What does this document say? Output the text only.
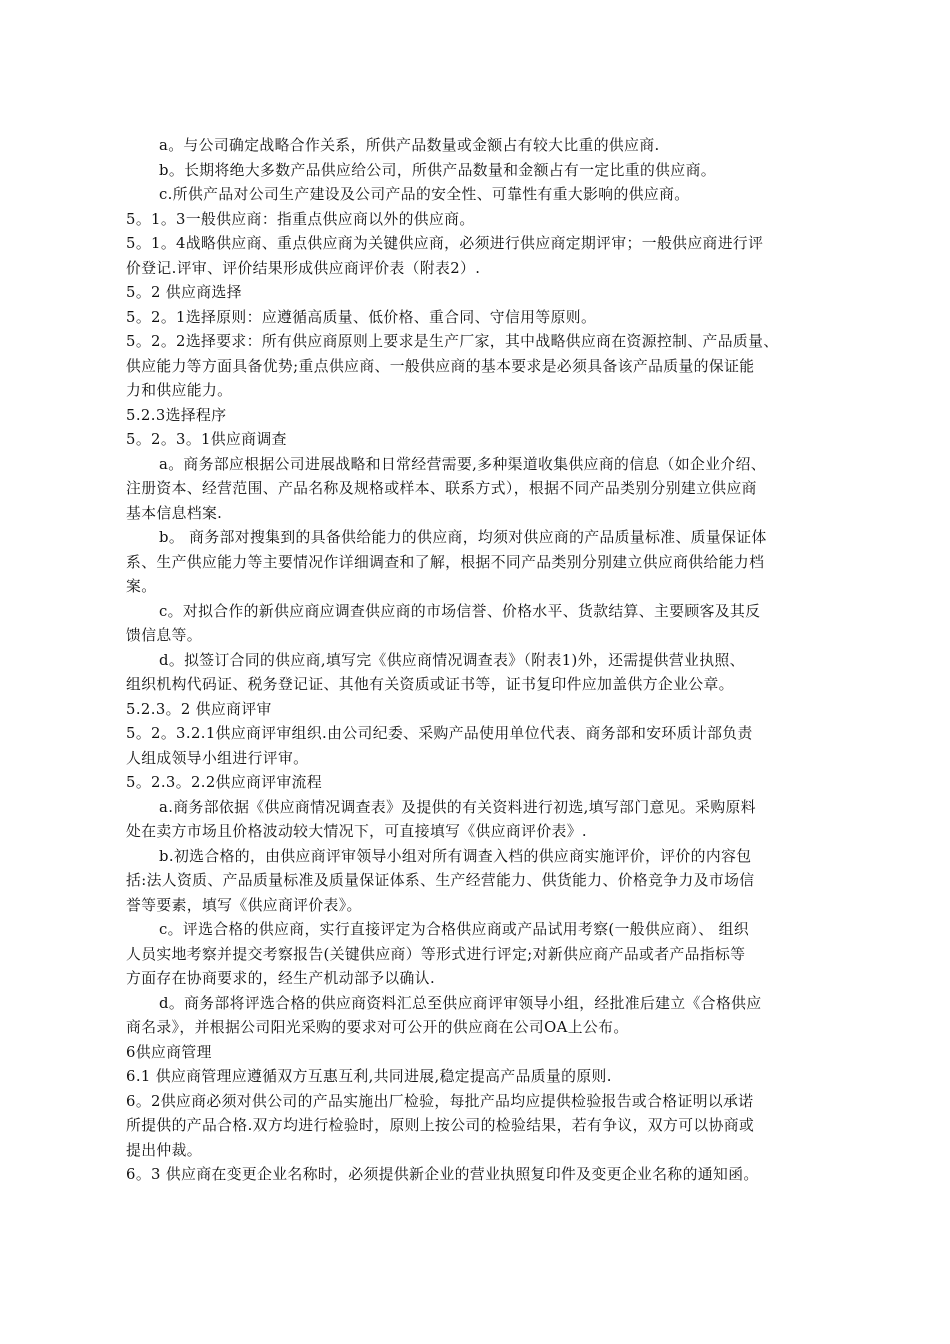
a。与公司确定战略合作关系，所供产品数量或金额占有较大比重的供应商.
b。长期将绝大多数产品供应给公司，所供产品数量和金额占有一定比重的供应商。
c.所供产品对公司生产建设及公司产品的安全性、可靠性有重大影响的供应商。
5。1。3一般供应商：指重点供应商以外的供应商。
5。1。4战略供应商、重点供应商为关键供应商，必须进行供应商定期评审；一般供应商进行评
价登记.评审、评价结果形成供应商评价表（附表2）.
5。2 供应商选择
5。2。1选择原则：应遵循高质量、低价格、重合同、守信用等原则。
5。2。2选择要求：所有供应商原则上要求是生产厂家，其中战略供应商在资源控制、产品质量、
供应能力等方面具备优势;重点供应商、一般供应商的基本要求是必须具备该产品质量的保证能
力和供应能力。
5.2.3选择程序
5。2。3。1供应商调查
a。商务部应根据公司进展战略和日常经营需要,多种渠道收集供应商的信息（如企业介绍、
注册资本、经营范围、产品名称及规格或样本、联系方式），根据不同产品类别分别建立供应商
基本信息档案.
b。 商务部对搜集到的具备供给能力的供应商，均须对供应商的产品质量标准、质量保证体
系、生产供应能力等主要情况作详细调查和了解，根据不同产品类别分别建立供应商供给能力档
案。
c。对拟合作的新供应商应调查供应商的市场信誉、价格水平、货款结算、主要顾客及其反
馈信息等。
d。拟签订合同的供应商,填写完《供应商情况调查表》（附表1)外，还需提供营业执照、
组织机构代码证、税务登记证、其他有关资质或证书等，证书复印件应加盖供方企业公章。
5.2.3。2 供应商评审
5。2。3.2.1供应商评审组织.由公司纪委、采购产品使用单位代表、商务部和安环质计部负责
人组成领导小组进行评审。
5。2.3。2.2供应商评审流程
a.商务部依据《供应商情况调查表》及提供的有关资料进行初选,填写部门意见。采购原料
处在卖方市场且价格波动较大情况下，可直接填写《供应商评价表》.
b.初选合格的，由供应商评审领导小组对所有调查入档的供应商实施评价，评价的内容包
括:法人资质、产品质量标准及质量保证体系、生产经营能力、供货能力、价格竞争力及市场信
誉等要素，填写《供应商评价表》。
c。评选合格的供应商，实行直接评定为合格供应商或产品试用考察(一般供应商）、 组织
人员实地考察并提交考察报告(关键供应商）等形式进行评定;对新供应商产品或者产品指标等
方面存在协商要求的，经生产机动部予以确认.
d。商务部将评选合格的供应商资料汇总至供应商评审领导小组，经批准后建立《合格供应
商名录》，并根据公司阳光采购的要求对可公开的供应商在公司OA上公布。
6供应商管理
6.1 供应商管理应遵循双方互惠互利,共同进展,稳定提高产品质量的原则.
6。2供应商必须对供公司的产品实施出厂检验，每批产品均应提供检验报告或合格证明以承诺
所提供的产品合格.双方均进行检验时，原则上按公司的检验结果，若有争议，双方可以协商或
提出仲裁。
6。3 供应商在变更企业名称时，必须提供新企业的营业执照复印件及变更企业名称的通知函。
